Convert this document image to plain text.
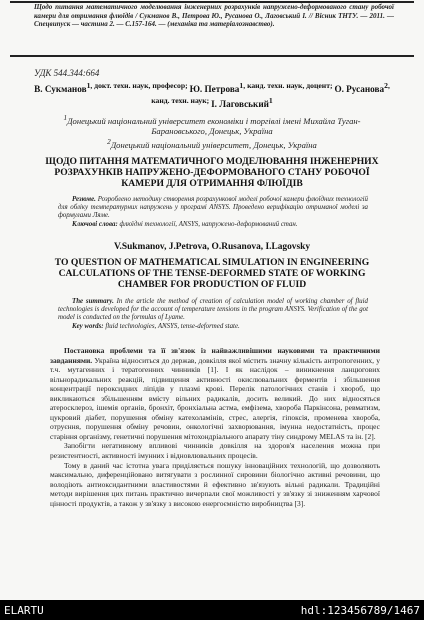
Щодо питання математичного моделювання інженерних розрахунків напружено-деформованого стану робочої камери для отримання флюїдів / Сукманов В., Петрова Ю., Русанова О., Лаговський І. // Вісник ТНТУ. — 2011. — Спецвипуск — частина 2. — С.157-164. — (механіка та матеріалознавство).
УДК 544.344:664
В. Сукманов$^{1, докт. техн. наук, професор;}$ Ю. Петрова$^{1, канд. техн. наук, доцент;}$ О. Русанова$^{2, канд. техн. наук;}$ І. Лаговський$^1$
$^1$Донецький національний університет економіки і торгівлі імені Михайла Туган-Барановського, Донецьк, Україна
$^2$Донецький національний університет, Донецьк, Україна
ЩОДО ПИТАННЯ МАТЕМАТИЧНОГО МОДЕЛЮВАННЯ ІНЖЕНЕРНИХ РОЗРАХУНКІВ НАПРУЖЕНО-ДЕФОРМОВАНОГО СТАНУ РОБОЧОЇ КАМЕРИ ДЛЯ ОТРИМАННЯ ФЛЮЇДІВ
Резюме. Розроблено методику створення розрахункової моделі робочої камери флюїдних технологій для обліку температурних напружень у програмі ANSYS. Проведено верифікацію отриманої моделі за формулами Ляме.
Ключові слова: флюїдні технології, ANSYS, напружено-деформований стан.
V.Sukmanov, J.Petrova, O.Rusanova, I.Lagovsky
TO QUESTION OF MATHEMATICAL SIMULATION IN ENGINEERING CALCULATIONS OF THE TENSE-DEFORMED STATE OF WORKING CHAMBER FOR PRODUCTION OF FLUID
The summary. In the article the method of creation of calculation model of working chamber of fluid technologies is developed for the account of temperature tensions in the program ANSYS. Verification of the got model is conducted on the formulas of Lyame.
Key words: fluid technologies, ANSYS, tense-deformed state.

Постановка проблеми та її зв'язок із найважливішими науковими та практичними завданнями. Україна відноситься до держав, довкілля якої містить значну кількість антропогенних, у т.ч. мутагенних і тератогенних чинників [1]. І як наслідок – виникнення ланцюгових вільнорадикальних реакцій, підвищення активності окислювальних ферментів і збільшення концентрації пероксидних ліпідів у плазмі крові. Перелік патологічних станів і хвороб, що викликаються збільшенням вмісту вільних радикалів, досить великий. До них відносяться атеросклероз, ішемія органів, бронхіт, бронхіальна астма, емфізема, хвороба Паркінсона, ревматизм, цукровий діабет, порушення обміну катехоламінів, стрес, алергія, гіпоксія, променева хвороба, отруєння, порушення обміну речовин, онкологічні захворювання, імунна недостатність, процес старіння організму, генетичні порушення мітохондріального апарату тіну синдрому MELAS та ін. [2].

Запобігти негативному впливові чинників довкілля на здоров'я населення можна при резистентності, активності імунних і відновлювальних процесів.

Тому в даний час істотна увага приділяється пошуку інноваційних технологій, що дозволяють максимально, диференційовано витягувати з рослинної сировини біологічно активні речовини, що володіють антиоксидантними властивостями й ефективно зв'язують вільні радикали. Традиційні методи вирішення цих питань практично вичерпали свої можливості у зв'язку зі зниженням харчової цінності продуктів, а також у зв'язку з високою енергоємністю виробництва [3].

ELARTU	hdl:123456789/1467
